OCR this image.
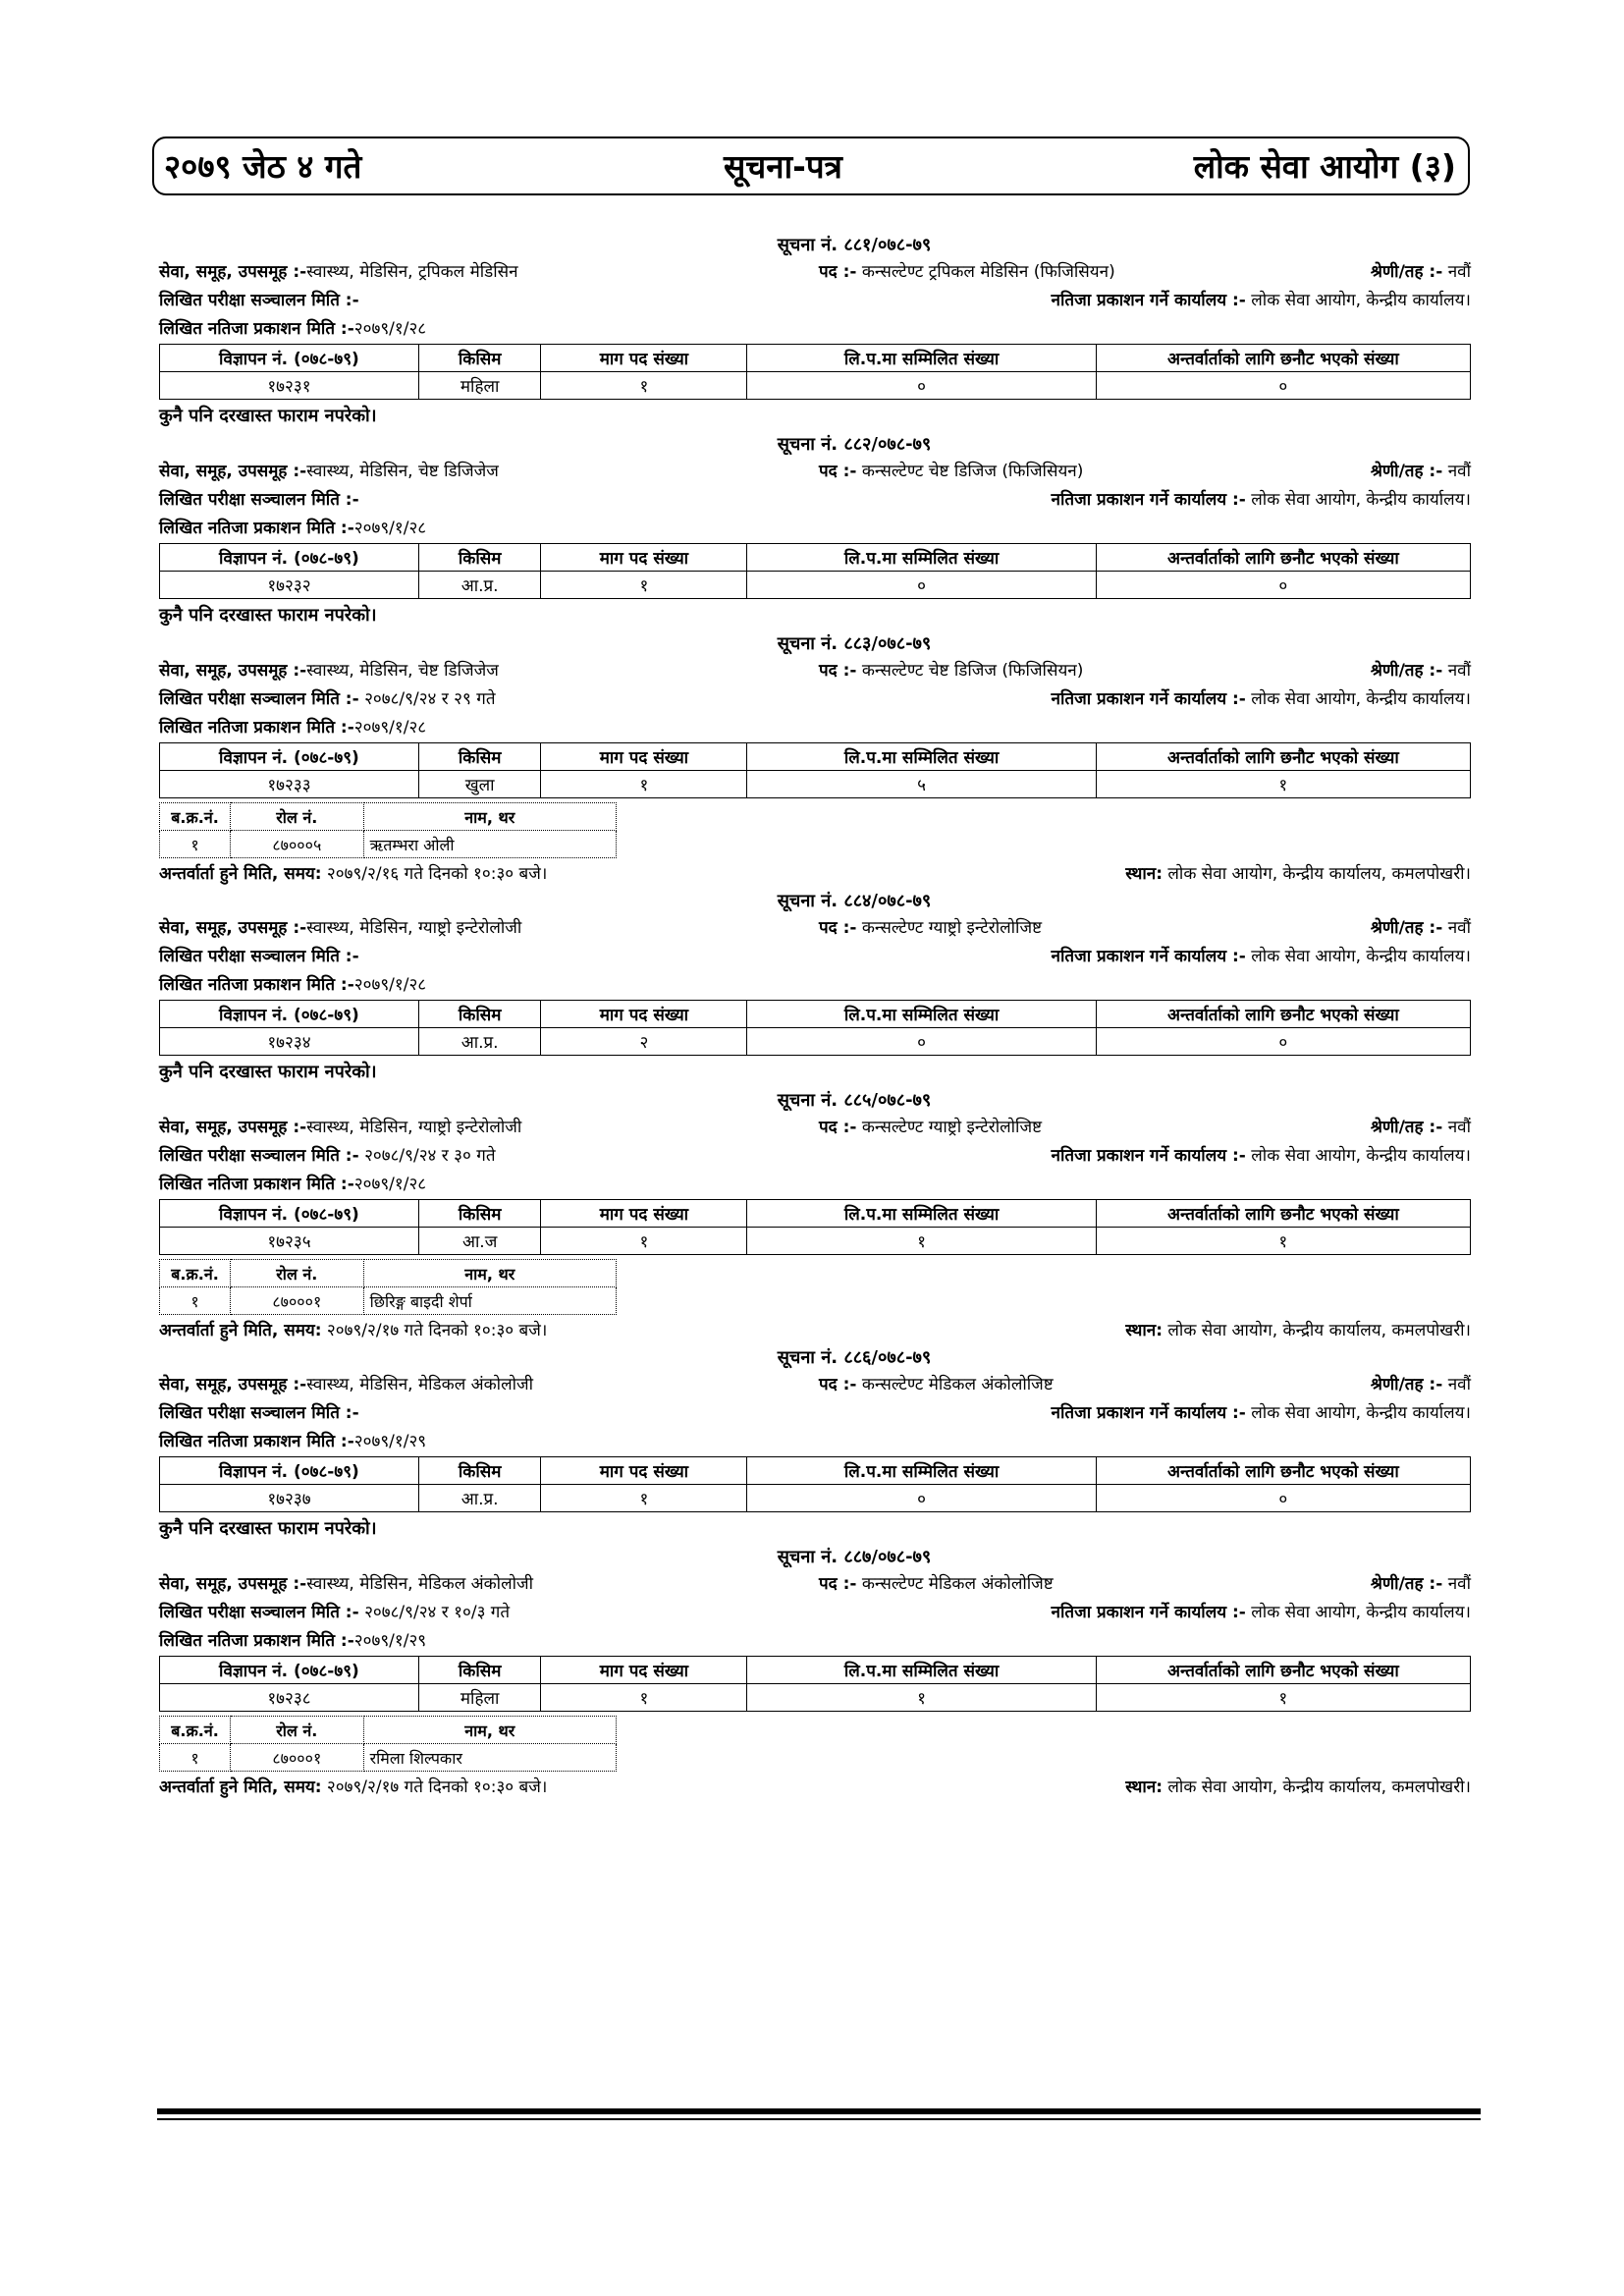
२०७९ जेठ ४ गते	सूचना-पत्र	लोक सेवा आयोग (३)
सूचना नं. ८८१/०७८-७९
सेवा, समूह, उपसमूह :-स्वास्थ्य, मेडिसिन, ट्रपिकल मेडिसिन	पद :- कन्सल्टेण्ट ट्रपिकल मेडिसिन (फिजिसियन)	श्रेणी/तह :- नवौं
लिखित परीक्षा सञ्चालन मिति :-	नतिजा प्रकाशन गर्ने कार्यालय :- लोक सेवा आयोग, केन्द्रीय कार्यालय।
लिखित नतिजा प्रकाशन मिति :-२०७९/१/२८
विज्ञापन नं. (०७८-७९)	किसिम	माग पद संख्या	लि.प.मा सम्मिलित संख्या	अन्तर्वार्ताको लागि छनौट भएको संख्या
१७२३१	महिला	१	०	०
कुनै पनि दरखास्त फाराम नपरेको।
सूचना नं. ८८२/०७८-७९
सेवा, समूह, उपसमूह :-स्वास्थ्य, मेडिसिन, चेष्ट डिजिजेज	पद :- कन्सल्टेण्ट चेष्ट डिजिज (फिजिसियन)	श्रेणी/तह :- नवौं
लिखित परीक्षा सञ्चालन मिति :-	नतिजा प्रकाशन गर्ने कार्यालय :- लोक सेवा आयोग, केन्द्रीय कार्यालय।
लिखित नतिजा प्रकाशन मिति :-२०७९/१/२८
विज्ञापन नं. (०७८-७९)	किसिम	माग पद संख्या	लि.प.मा सम्मिलित संख्या	अन्तर्वार्ताको लागि छनौट भएको संख्या
१७२३२	आ.प्र.	१	०	०
कुनै पनि दरखास्त फाराम नपरेको।
सूचना नं. ८८३/०७८-७९
सेवा, समूह, उपसमूह :-स्वास्थ्य, मेडिसिन, चेष्ट डिजिजेज	पद :- कन्सल्टेण्ट चेष्ट डिजिज (फिजिसियन)	श्रेणी/तह :- नवौं
लिखित परीक्षा सञ्चालन मिति :- २०७८/९/२४ र २९ गते	नतिजा प्रकाशन गर्ने कार्यालय :- लोक सेवा आयोग, केन्द्रीय कार्यालय।
लिखित नतिजा प्रकाशन मिति :-२०७९/१/२८
विज्ञापन नं. (०७८-७९)	किसिम	माग पद संख्या	लि.प.मा सम्मिलित संख्या	अन्तर्वार्ताको लागि छनौट भएको संख्या
१७२३३	खुला	१	५	१
ब.क्र.नं.	रोल नं.	नाम, थर
१	८७०००५	ऋतम्भरा ओली
अन्तर्वार्ता हुने मिति, समय: २०७९/२/१६ गते दिनको १०:३० बजे।	स्थान: लोक सेवा आयोग, केन्द्रीय कार्यालय, कमलपोखरी।
सूचना नं. ८८४/०७८-७९
सेवा, समूह, उपसमूह :-स्वास्थ्य, मेडिसिन, ग्याष्ट्रो इन्टेरोलोजी	पद :- कन्सल्टेण्ट ग्याष्ट्रो इन्टेरोलोजिष्ट	श्रेणी/तह :- नवौं
लिखित परीक्षा सञ्चालन मिति :-	नतिजा प्रकाशन गर्ने कार्यालय :- लोक सेवा आयोग, केन्द्रीय कार्यालय।
लिखित नतिजा प्रकाशन मिति :-२०७९/१/२८
विज्ञापन नं. (०७८-७९)	किसिम	माग पद संख्या	लि.प.मा सम्मिलित संख्या	अन्तर्वार्ताको लागि छनौट भएको संख्या
१७२३४	आ.प्र.	२	०	०
कुनै पनि दरखास्त फाराम नपरेको।
सूचना नं. ८८५/०७८-७९
सेवा, समूह, उपसमूह :-स्वास्थ्य, मेडिसिन, ग्याष्ट्रो इन्टेरोलोजी	पद :- कन्सल्टेण्ट ग्याष्ट्रो इन्टेरोलोजिष्ट	श्रेणी/तह :- नवौं
लिखित परीक्षा सञ्चालन मिति :- २०७८/९/२४ र ३० गते	नतिजा प्रकाशन गर्ने कार्यालय :- लोक सेवा आयोग, केन्द्रीय कार्यालय।
लिखित नतिजा प्रकाशन मिति :-२०७९/१/२८
विज्ञापन नं. (०७८-७९)	किसिम	माग पद संख्या	लि.प.मा सम्मिलित संख्या	अन्तर्वार्ताको लागि छनौट भएको संख्या
१७२३५	आ.ज	१	१	१
ब.क्र.नं.	रोल नं.	नाम, थर
१	८७०००१	छिरिङ्ग बाइदी शेर्पा
अन्तर्वार्ता हुने मिति, समय: २०७९/२/१७ गते दिनको १०:३० बजे।	स्थान: लोक सेवा आयोग, केन्द्रीय कार्यालय, कमलपोखरी।
सूचना नं. ८८६/०७८-७९
सेवा, समूह, उपसमूह :-स्वास्थ्य, मेडिसिन, मेडिकल अंकोलोजी	पद :- कन्सल्टेण्ट मेडिकल अंकोलोजिष्ट	श्रेणी/तह :- नवौं
लिखित परीक्षा सञ्चालन मिति :-	नतिजा प्रकाशन गर्ने कार्यालय :- लोक सेवा आयोग, केन्द्रीय कार्यालय।
लिखित नतिजा प्रकाशन मिति :-२०७९/१/२९
विज्ञापन नं. (०७८-७९)	किसिम	माग पद संख्या	लि.प.मा सम्मिलित संख्या	अन्तर्वार्ताको लागि छनौट भएको संख्या
१७२३७	आ.प्र.	१	०	०
कुनै पनि दरखास्त फाराम नपरेको।
सूचना नं. ८८७/०७८-७९
सेवा, समूह, उपसमूह :-स्वास्थ्य, मेडिसिन, मेडिकल अंकोलोजी	पद :- कन्सल्टेण्ट मेडिकल अंकोलोजिष्ट	श्रेणी/तह :- नवौं
लिखित परीक्षा सञ्चालन मिति :- २०७८/९/२४ र १०/३ गते	नतिजा प्रकाशन गर्ने कार्यालय :- लोक सेवा आयोग, केन्द्रीय कार्यालय।
लिखित नतिजा प्रकाशन मिति :-२०७९/१/२९
विज्ञापन नं. (०७८-७९)	किसिम	माग पद संख्या	लि.प.मा सम्मिलित संख्या	अन्तर्वार्ताको लागि छनौट भएको संख्या
१७२३८	महिला	१	१	१
ब.क्र.नं.	रोल नं.	नाम, थर
१	८७०००१	रमिला शिल्पकार
अन्तर्वार्ता हुने मिति, समय: २०७९/२/१७ गते दिनको १०:३० बजे।	स्थान: लोक सेवा आयोग, केन्द्रीय कार्यालय, कमलपोखरी।
